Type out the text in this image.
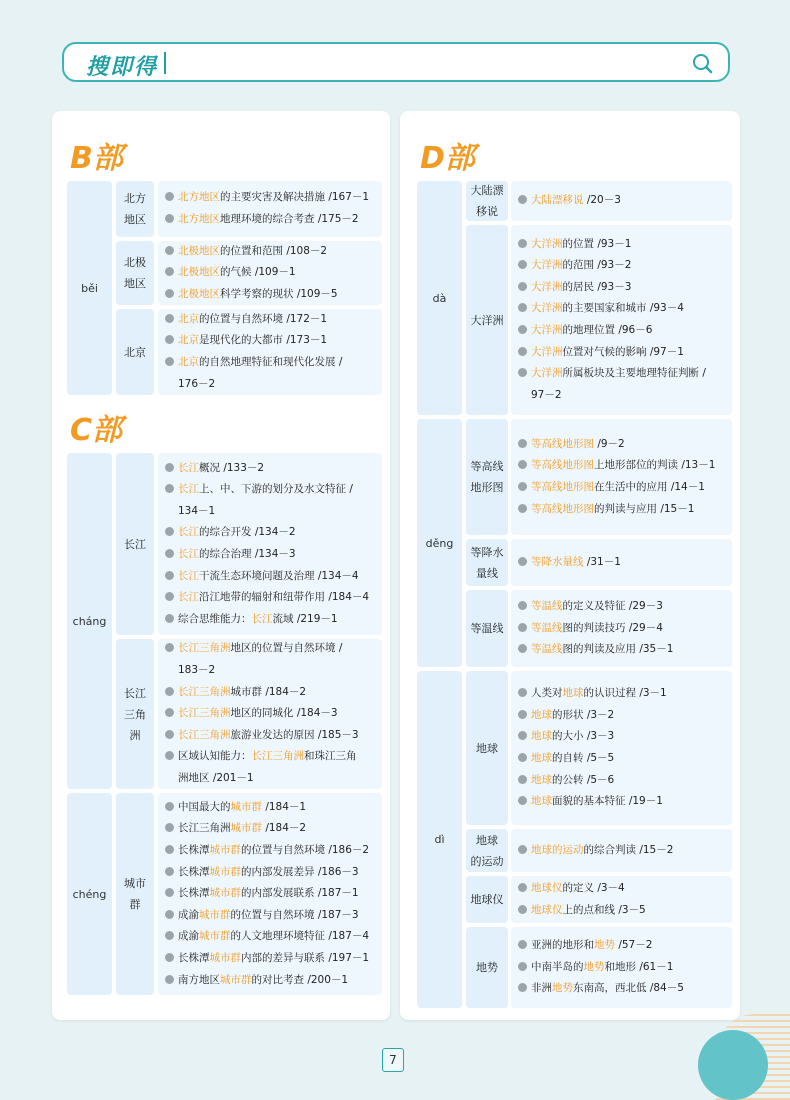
搜即得
B部
běi
C部
cháng
chéng
D部
dà
děng
dì
北方
地区
北方地区的主要灾害及解决措施 /167－1
北方地区地理环境的综合考查 /175－2
北极
地区
北极地区的位置和范围 /108－2
北极地区的气候 /109－1
北极地区科学考察的现状 /109－5
北京
北京的位置与自然环境 /172－1
北京是现代化的大都市 /173－1
北京的自然地理特征和现代化发展 /
176－2
长江
长江概况 /133－2
长江上、中、下游的划分及水文特征 /
134－1
长江的综合开发 /134－2
长江的综合治理 /134－3
长江干流生态环境问题及治理 /134－4
长江沿江地带的辐射和纽带作用 /184－4
综合思维能力：长江流域 /219－1
长江
三角
洲
长江三角洲地区的位置与自然环境 /
183－2
长江三角洲城市群 /184－2
长江三角洲地区的同城化 /184－3
长江三角洲旅游业发达的原因 /185－3
区域认知能力：长江三角洲和珠江三角
洲地区 /201－1
城市
群
中国最大的城市群 /184－1
长江三角洲城市群 /184－2
长株潭城市群的位置与自然环境 /186－2
长株潭城市群的内部发展差异 /186－3
长株潭城市群的内部发展联系 /187－1
成渝城市群的位置与自然环境 /187－3
成渝城市群的人文地理环境特征 /187－4
长株潭城市群内部的差异与联系 /197－1
南方地区城市群的对比考查 /200－1
大陆漂
移说
大陆漂移说 /20－3
大洋洲
大洋洲的位置 /93－1
大洋洲的范围 /93－2
大洋洲的居民 /93－3
大洋洲的主要国家和城市 /93－4
大洋洲的地理位置 /96－6
大洋洲位置对气候的影响 /97－1
大洋洲所属板块及主要地理特征判断 /
97－2
等高线
地形图
等高线地形图 /9－2
等高线地形图上地形部位的判读 /13－1
等高线地形图在生活中的应用 /14－1
等高线地形图的判读与应用 /15－1
等降水
量线
等降水量线 /31－1
等温线
等温线的定义及特征 /29－3
等温线图的判读技巧 /29－4
等温线图的判读及应用 /35－1
地球
人类对地球的认识过程 /3－1
地球的形状 /3－2
地球的大小 /3－3
地球的自转 /5－5
地球的公转 /5－6
地球面貌的基本特征 /19－1
地球
的运动
地球的运动的综合判读 /15－2
地球仪
地球仪的定义 /3－4
地球仪上的点和线 /3－5
地势
亚洲的地形和地势 /57－2
中南半岛的地势和地形 /61－1
非洲地势东南高，西北低 /84－5
7
